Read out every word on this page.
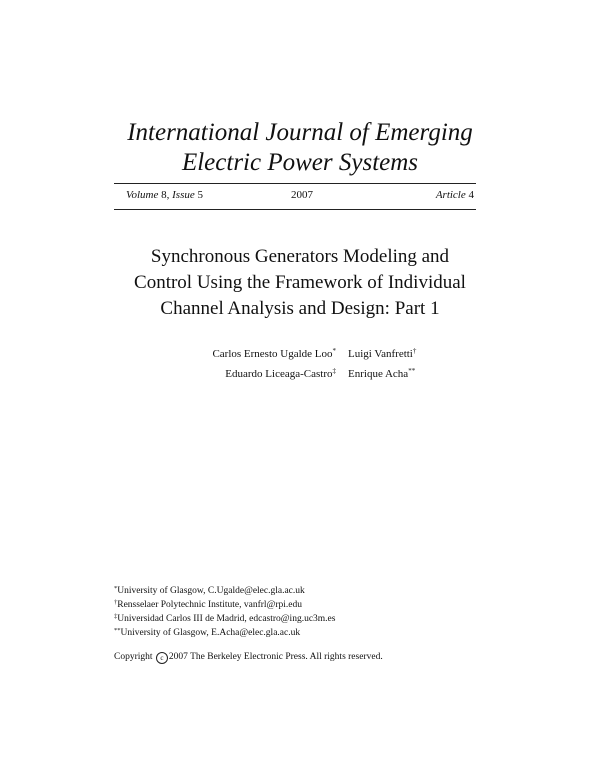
International Journal of Emerging
Electric Power Systems
Volume 8, Issue 5	2007	Article 4
Synchronous Generators Modeling and
Control Using the Framework of Individual
Channel Analysis and Design: Part 1
Carlos Ernesto Ugalde Loo*
Eduardo Liceaga-Castro‡
Luigi Vanfretti†
Enrique Acha**
*University of Glasgow, C.Ugalde@elec.gla.ac.uk
†Rensselaer Polytechnic Institute, vanfrl@rpi.edu
‡Universidad Carlos III de Madrid, edcastro@ing.uc3m.es
**University of Glasgow, E.Acha@elec.gla.ac.uk
Copyright c 2007 The Berkeley Electronic Press. All rights reserved.
